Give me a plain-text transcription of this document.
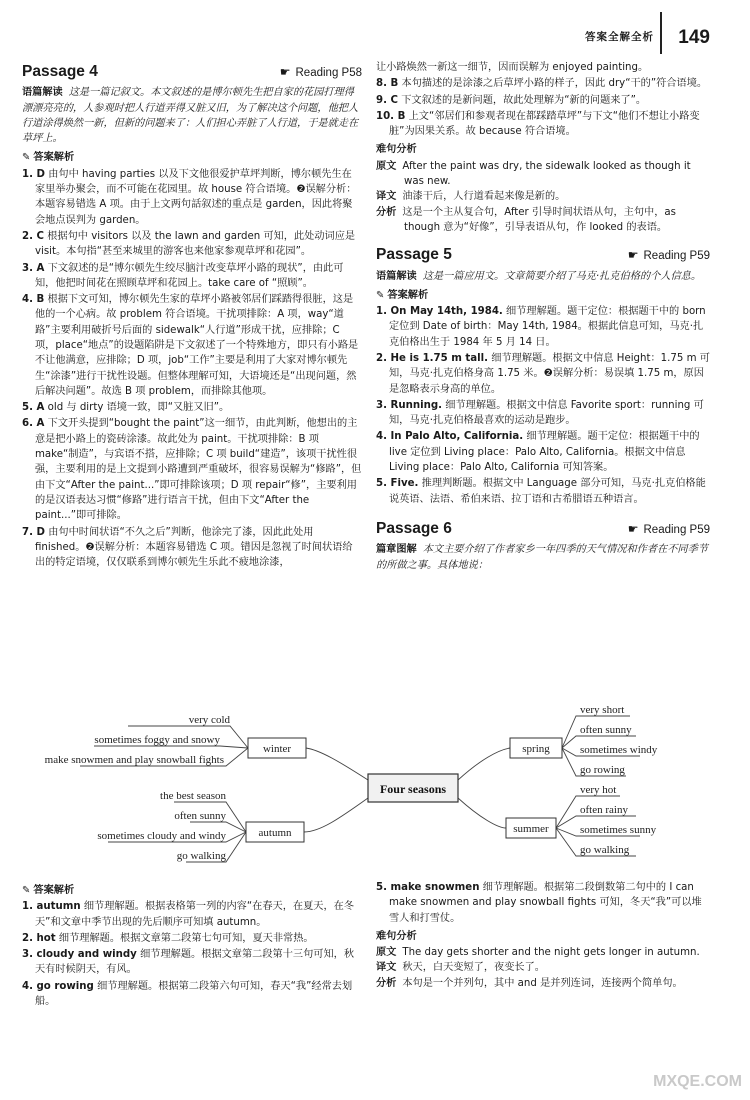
答案全解全析 149
Passage 4	☛ Reading P58

语篇解读 这是一篇记叙文。本文叙述的是博尔顿先生把自家的花园打理得漂漂亮亮的，人参观时把人行道弄得又脏又旧，为了解决这个问题，他把人行道涂得焕然一新，但新的问题来了：人们担心弄脏了人行道，于是就走在草坪上。

✎ 答案解析

1. D 由句中 having parties 以及下文他很爱护草坪判断，博尔顿先生在家里举办聚会，而不可能在花园里。故 house 符合语境。❷误解分析：本题容易错选 A 项。由于上文两句話叙述的重点是 garden，因此将聚会地点误判为 garden。

2. C 根据句中 visitors 以及 the lawn and garden 可知，此处动词应是 visit。本句指“甚至来城里的游客也来他家参观草坪和花园”。

3. A 下文叙述的是“博尔顿先生绞尽脑汁改变草坪小路的现状”，由此可知，他把时间花在照顾草坪和花园上。take care of “照顾”。

4. B 根据下文可知，博尔顿先生家的草坪小路被邻居们踩踏得很脏，这是他的一个心病。故 problem 符合语境。干扰项排除：A 项，way“道路”主要利用破折号后面的 sidewalk“人行道”形成干扰，应排除；C 项，place“地点”的设题陷阱是下文叙述了一个特殊地方，即只有小路是不让他满意，应排除；D 项，job“工作”主要是利用了大家对博尔顿先生“涂漆”进行干扰性设题。但整体理解可知，大语境还是“出现问题，然后解决问题”。故选 B 项 problem，而排除其他项。

5. A old 与 dirty 语境一致，即“又脏又旧”。

6. A 下文开头提到“bought the paint”这一细节，由此判断，他想出的主意是把小路上的瓷砖涂漆。故此处为 paint。干扰项排除：B 项 make“制造”，与宾语不搭，应排除；C 项 build“建造”，该项干扰性很强，主要利用的是上文提到小路遭到严重破坏，很容易误解为“修路”，但由下文“After the paint...”即可排除该项；D 项 repair“修”，主要利用的是汉语表达习惯“修路”进行语言干扰，但由下文“After the paint...”即可排除。

7. D 由句中时间状语“不久之后”判断，他涂完了漆，因此此处用 finished。❷误解分析：本题容易错选 C 项。错因是忽视了时间状语给出的特定语境，仅仅联系到博尔顿先生乐此不疲地涂漆，

让小路焕然一新这一细节，因而误解为 enjoyed painting。

8. B 本句描述的是涂漆之后草坪小路的样子，因此 dry“干的”符合语境。

9. C 下文叙述的是新问题，故此处理解为“新的问题来了”。

10. B 上文“邻居们和参观者现在都踩踏草坪”与下文“他们不想让小路变脏”为因果关系。故 because 符合语境。

难句分析

原文 After the paint was dry, the sidewalk looked as though it was new.

译文 油漆干后，人行道看起来像是新的。

分析 这是一个主从复合句，After 引导时间状语从句，主句中，as though 意为“好像”，引导表语从句，作 looked 的表语。

Passage 5	☛ Reading P59

语篇解读 这是一篇应用文。文章简要介绍了马克·扎克伯格的个人信息。

✎ 答案解析

1. On May 14th, 1984. 细节理解题。题干定位：根据题干中的 born 定位到 Date of birth：May 14th, 1984。根据此信息可知，马克·扎克伯格出生于 1984 年 5 月 14 日。

2. He is 1.75 m tall. 细节理解题。根据文中信息 Height：1.75 m 可知，马克·扎克伯格身高 1.75 米。❷误解分析：易误填 1.75 m，原因是忽略表示身高的单位。

3. Running. 细节理解题。根据文中信息 Favorite sport：running 可知，马克·扎克伯格最喜欢的运动是跑步。

4. In Palo Alto, California. 细节理解题。题干定位：根据题干中的 live 定位到 Living place：Palo Alto, California。根据文中信息 Living place：Palo Alto, California 可知答案。

5. Five. 推理判断题。根据文中 Language 部分可知，马克·扎克伯格能说英语、法语、希伯来语、拉丁语和古希腊语五种语言。

Passage 6	☛ Reading P59

篇章图解 本文主要介绍了作者家乡一年四季的天气情况和作者在不同季节的所做之事。具体地说：

Four seasons
winter	spring
autumn	summer
very cold
sometimes foggy and snowy
make snowmen and play snowball fights
very short
often sunny
sometimes windy
go rowing
the best season
often sunny
sometimes cloudy and windy
go walking
very hot
often rainy
sometimes sunny
go walking
✎ 答案解析

1. autumn 细节理解题。根据表格第一列的内容“在春天，在夏天，在冬天”和文章中季节出现的先后顺序可知填 autumn。

2. hot 细节理解题。根据文章第二段第七句可知，夏天非常热。

3. cloudy and windy 细节理解题。根据文章第二段第十三句可知，秋天有时候阴天，有风。

4. go rowing 细节理解题。根据第二段第六句可知，春天“我”经常去划船。

5. make snowmen 细节理解题。根据第二段倒数第二句中的 I can make snowmen and play snowball fights 可知，冬天“我”可以堆雪人和打雪仗。

难句分析

原文 The day gets shorter and the night gets longer in autumn.

译文 秋天，白天变短了，夜变长了。

分析 本句是一个并列句，其中 and 是并列连词，连接两个简单句。

MXQE.COM
